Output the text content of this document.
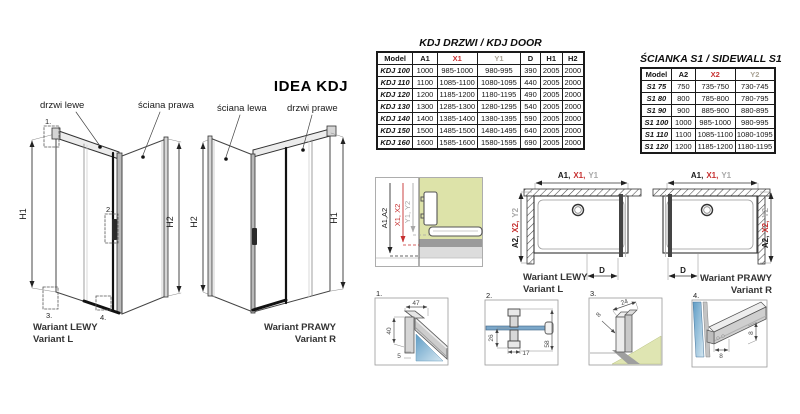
H1
H2
1.
2.
3.	4.
drzwi lewe	ściana prawa
Wariant LEWY
Variant L
IDEA KDJ
H2	H1
ściana lewa drzwi prawe
Wariant PRAWY
Variant R
A1,A2 X1, X2 Y1, Y2
A1, X1, Y1
D
A2,X2,Y2
Wariant LEWY
Variant L
A1, X1, Y1
D
A2,X2,Y2
Wariant PRAWY
Variant R
1.
47
40
5
2.
26
17
58
3.
24
8
4.
8
8
KDJ DRZWI / KDJ DOOR
Model	A1	X1	Y1	D	H1	H2
KDJ 100	1000	985-1000	980-995	390	2005	2000
KDJ 110	1100	1085-1100	1080-1095	440	2005	2000
KDJ 120	1200	1185-1200	1180-1195	490	2005	2000
KDJ 130	1300	1285-1300	1280-1295	540	2005	2000
KDJ 140	1400	1385-1400	1380-1395	590	2005	2000
KDJ 150	1500	1485-1500	1480-1495	640	2005	2000
KDJ 160	1600	1585-1600	1580-1595	690	2005	2000
ŚCIANKA S1 / SIDEWALL S1
Model	A2	X2	Y2
S1 75	750	735-750	730-745
S1 80	800	785-800	780-795
S1 90	900	885-900	880-895
S1 100	1000	985-1000	980-995
S1 110	1100	1085-1100	1080-1095
S1 120	1200	1185-1200	1180-1195
